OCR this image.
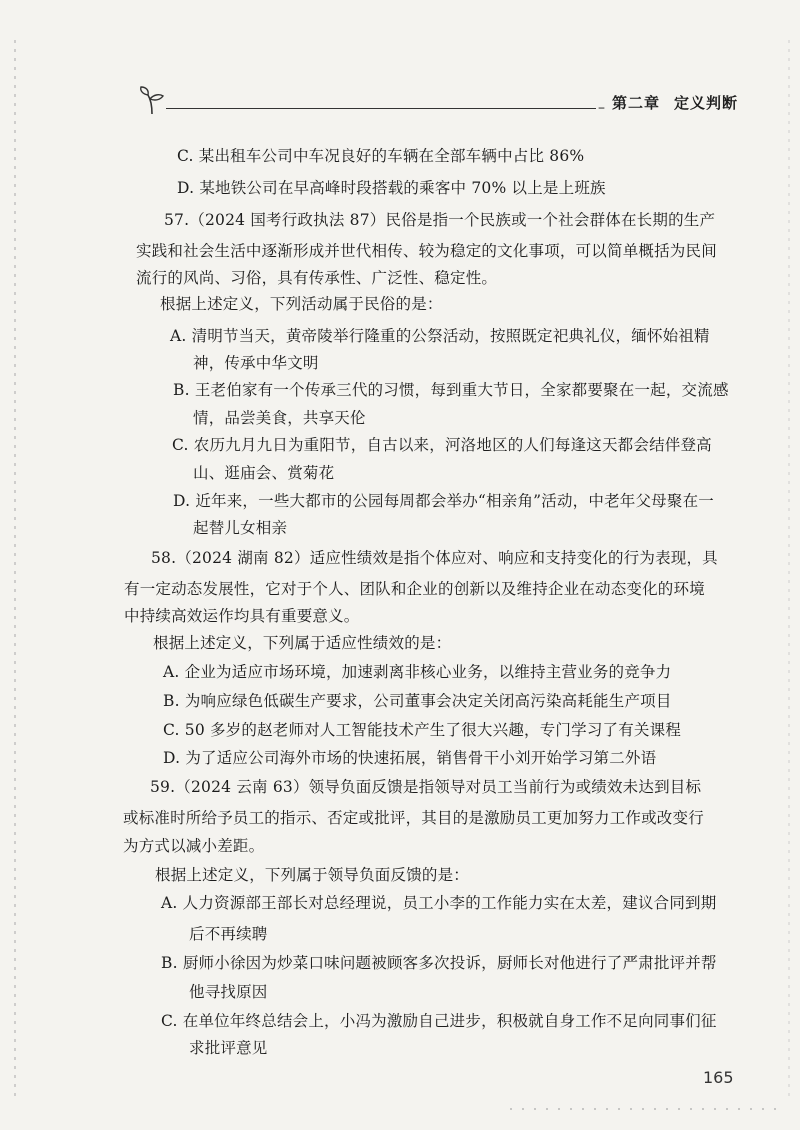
– 第二章 定义判断
C. 某出租车公司中车况良好的车辆在全部车辆中占比 86%
D. 某地铁公司在早高峰时段搭载的乘客中 70% 以上是上班族
57.（2024 国考行政执法 87）民俗是指一个民族或一个社会群体在长期的生产
实践和社会生活中逐渐形成并世代相传、较为稳定的文化事项，可以简单概括为民间
流行的风尚、习俗，具有传承性、广泛性、稳定性。
根据上述定义，下列活动属于民俗的是：
A. 清明节当天，黄帝陵举行隆重的公祭活动，按照既定祀典礼仪，缅怀始祖精
神，传承中华文明
B. 王老伯家有一个传承三代的习惯，每到重大节日，全家都要聚在一起，交流感
情，品尝美食，共享天伦
C. 农历九月九日为重阳节，自古以来，河洛地区的人们每逢这天都会结伴登高
山、逛庙会、赏菊花
D. 近年来，一些大都市的公园每周都会举办“相亲角”活动，中老年父母聚在一
起替儿女相亲
58.（2024 湖南 82）适应性绩效是指个体应对、响应和支持变化的行为表现，具
有一定动态发展性，它对于个人、团队和企业的创新以及维持企业在动态变化的环境
中持续高效运作均具有重要意义。
根据上述定义，下列属于适应性绩效的是：
A. 企业为适应市场环境，加速剥离非核心业务，以维持主营业务的竞争力
B. 为响应绿色低碳生产要求，公司董事会决定关闭高污染高耗能生产项目
C. 50 多岁的赵老师对人工智能技术产生了很大兴趣，专门学习了有关课程
D. 为了适应公司海外市场的快速拓展，销售骨干小刘开始学习第二外语
59.（2024 云南 63）领导负面反馈是指领导对员工当前行为或绩效未达到目标
或标准时所给予员工的指示、否定或批评，其目的是激励员工更加努力工作或改变行
为方式以减小差距。
根据上述定义，下列属于领导负面反馈的是：
A. 人力资源部王部长对总经理说，员工小李的工作能力实在太差，建议合同到期
后不再续聘
B. 厨师小徐因为炒菜口味问题被顾客多次投诉，厨师长对他进行了严肃批评并帮
他寻找原因
C. 在单位年终总结会上，小冯为激励自己进步，积极就自身工作不足向同事们征
求批评意见
165
